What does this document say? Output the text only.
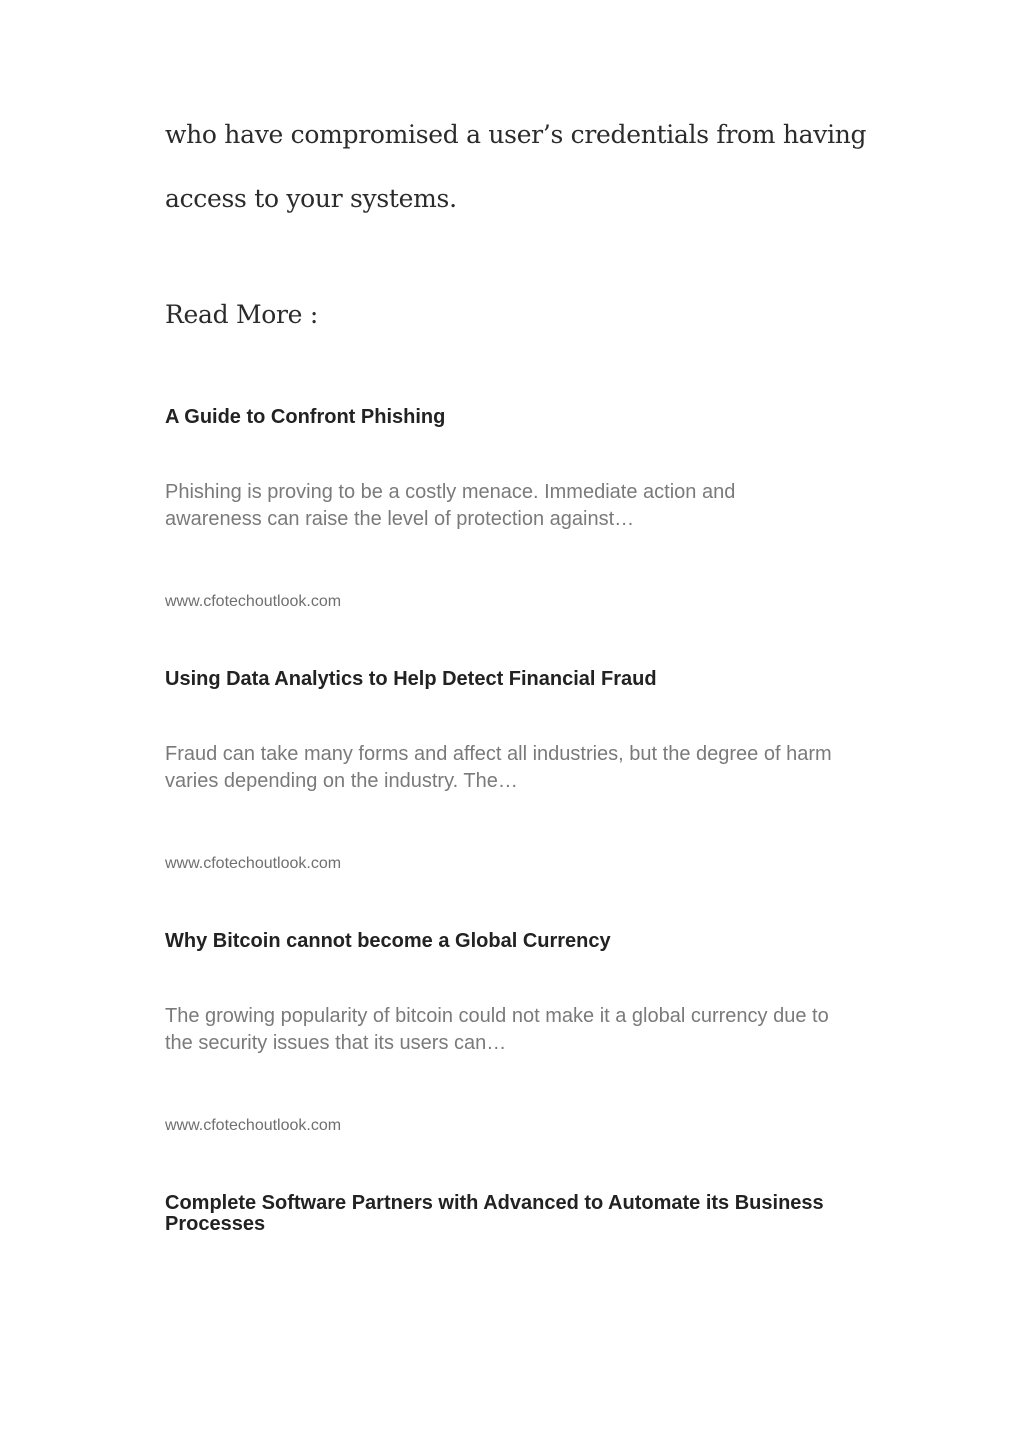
who have compromised a user’s credentials from having
access to your systems.
Read More :
A Guide to Confront Phishing
Phishing is proving to be a costly menace. Immediate action and
awareness can raise the level of protection against…
www.cfotechoutlook.com
Using Data Analytics to Help Detect Financial Fraud
Fraud can take many forms and affect all industries, but the degree of harm
varies depending on the industry. The…
www.cfotechoutlook.com
Why Bitcoin cannot become a Global Currency
The growing popularity of bitcoin could not make it a global currency due to
the security issues that its users can…
www.cfotechoutlook.com
Complete Software Partners with Advanced to Automate its Business Processes
